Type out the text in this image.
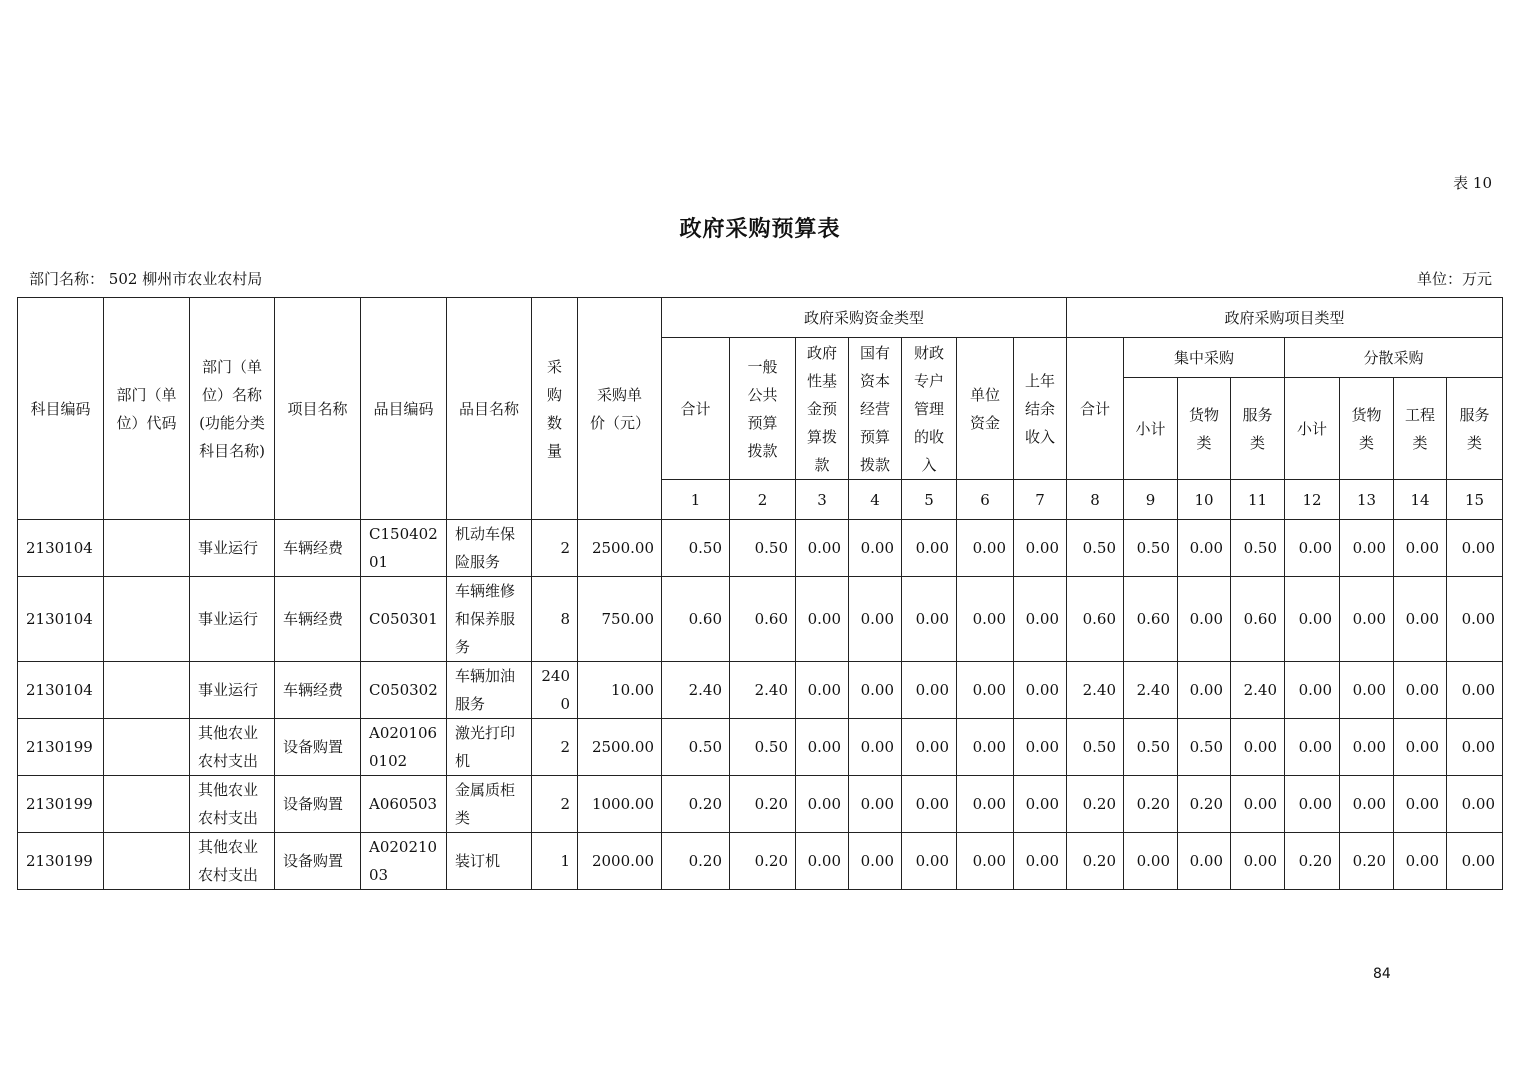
表 10
政府采购预算表
部门名称： 502 柳州市农业农村局	单位：万元
科目编码	部门（单位）代码	部门（单位）名称(功能分类科目名称)	项目名称	品目编码	品目名称	采购数量	采购单价（元）	政府采购资金类型							政府采购项目类型							
								合计	一般公共预算拨款	政府性基金预算拨款	国有资本经营预算拨款	财政专户管理的收入	单位资金	上年结余收入	合计	集中采购			分散采购			
																小计	货物类	服务类	小计	货物类	工程类	服务类
								1	2	3	4	5	6	7	8	9	10	11	12	13	14	15
2130104		事业运行	车辆经费	C15040201	机动车保险服务	2	2500.00	0.50	0.50	0.00	0.00	0.00	0.00	0.00	0.50	0.50	0.00	0.50	0.00	0.00	0.00	0.00
2130104		事业运行	车辆经费	C050301	车辆维修和保养服务	8	750.00	0.60	0.60	0.00	0.00	0.00	0.00	0.00	0.60	0.60	0.00	0.60	0.00	0.00	0.00	0.00
2130104		事业运行	车辆经费	C050302	车辆加油服务	2400	10.00	2.40	2.40	0.00	0.00	0.00	0.00	0.00	2.40	2.40	0.00	2.40	0.00	0.00	0.00	0.00
2130199		其他农业农村支出	设备购置	A0201060102	激光打印机	2	2500.00	0.50	0.50	0.00	0.00	0.00	0.00	0.00	0.50	0.50	0.50	0.00	0.00	0.00	0.00	0.00
2130199		其他农业农村支出	设备购置	A060503	金属质柜类	2	1000.00	0.20	0.20	0.00	0.00	0.00	0.00	0.00	0.20	0.20	0.20	0.00	0.00	0.00	0.00	0.00
2130199		其他农业农村支出	设备购置	A02021003	装订机	1	2000.00	0.20	0.20	0.00	0.00	0.00	0.00	0.00	0.20	0.00	0.00	0.00	0.20	0.20	0.00	0.00
84
